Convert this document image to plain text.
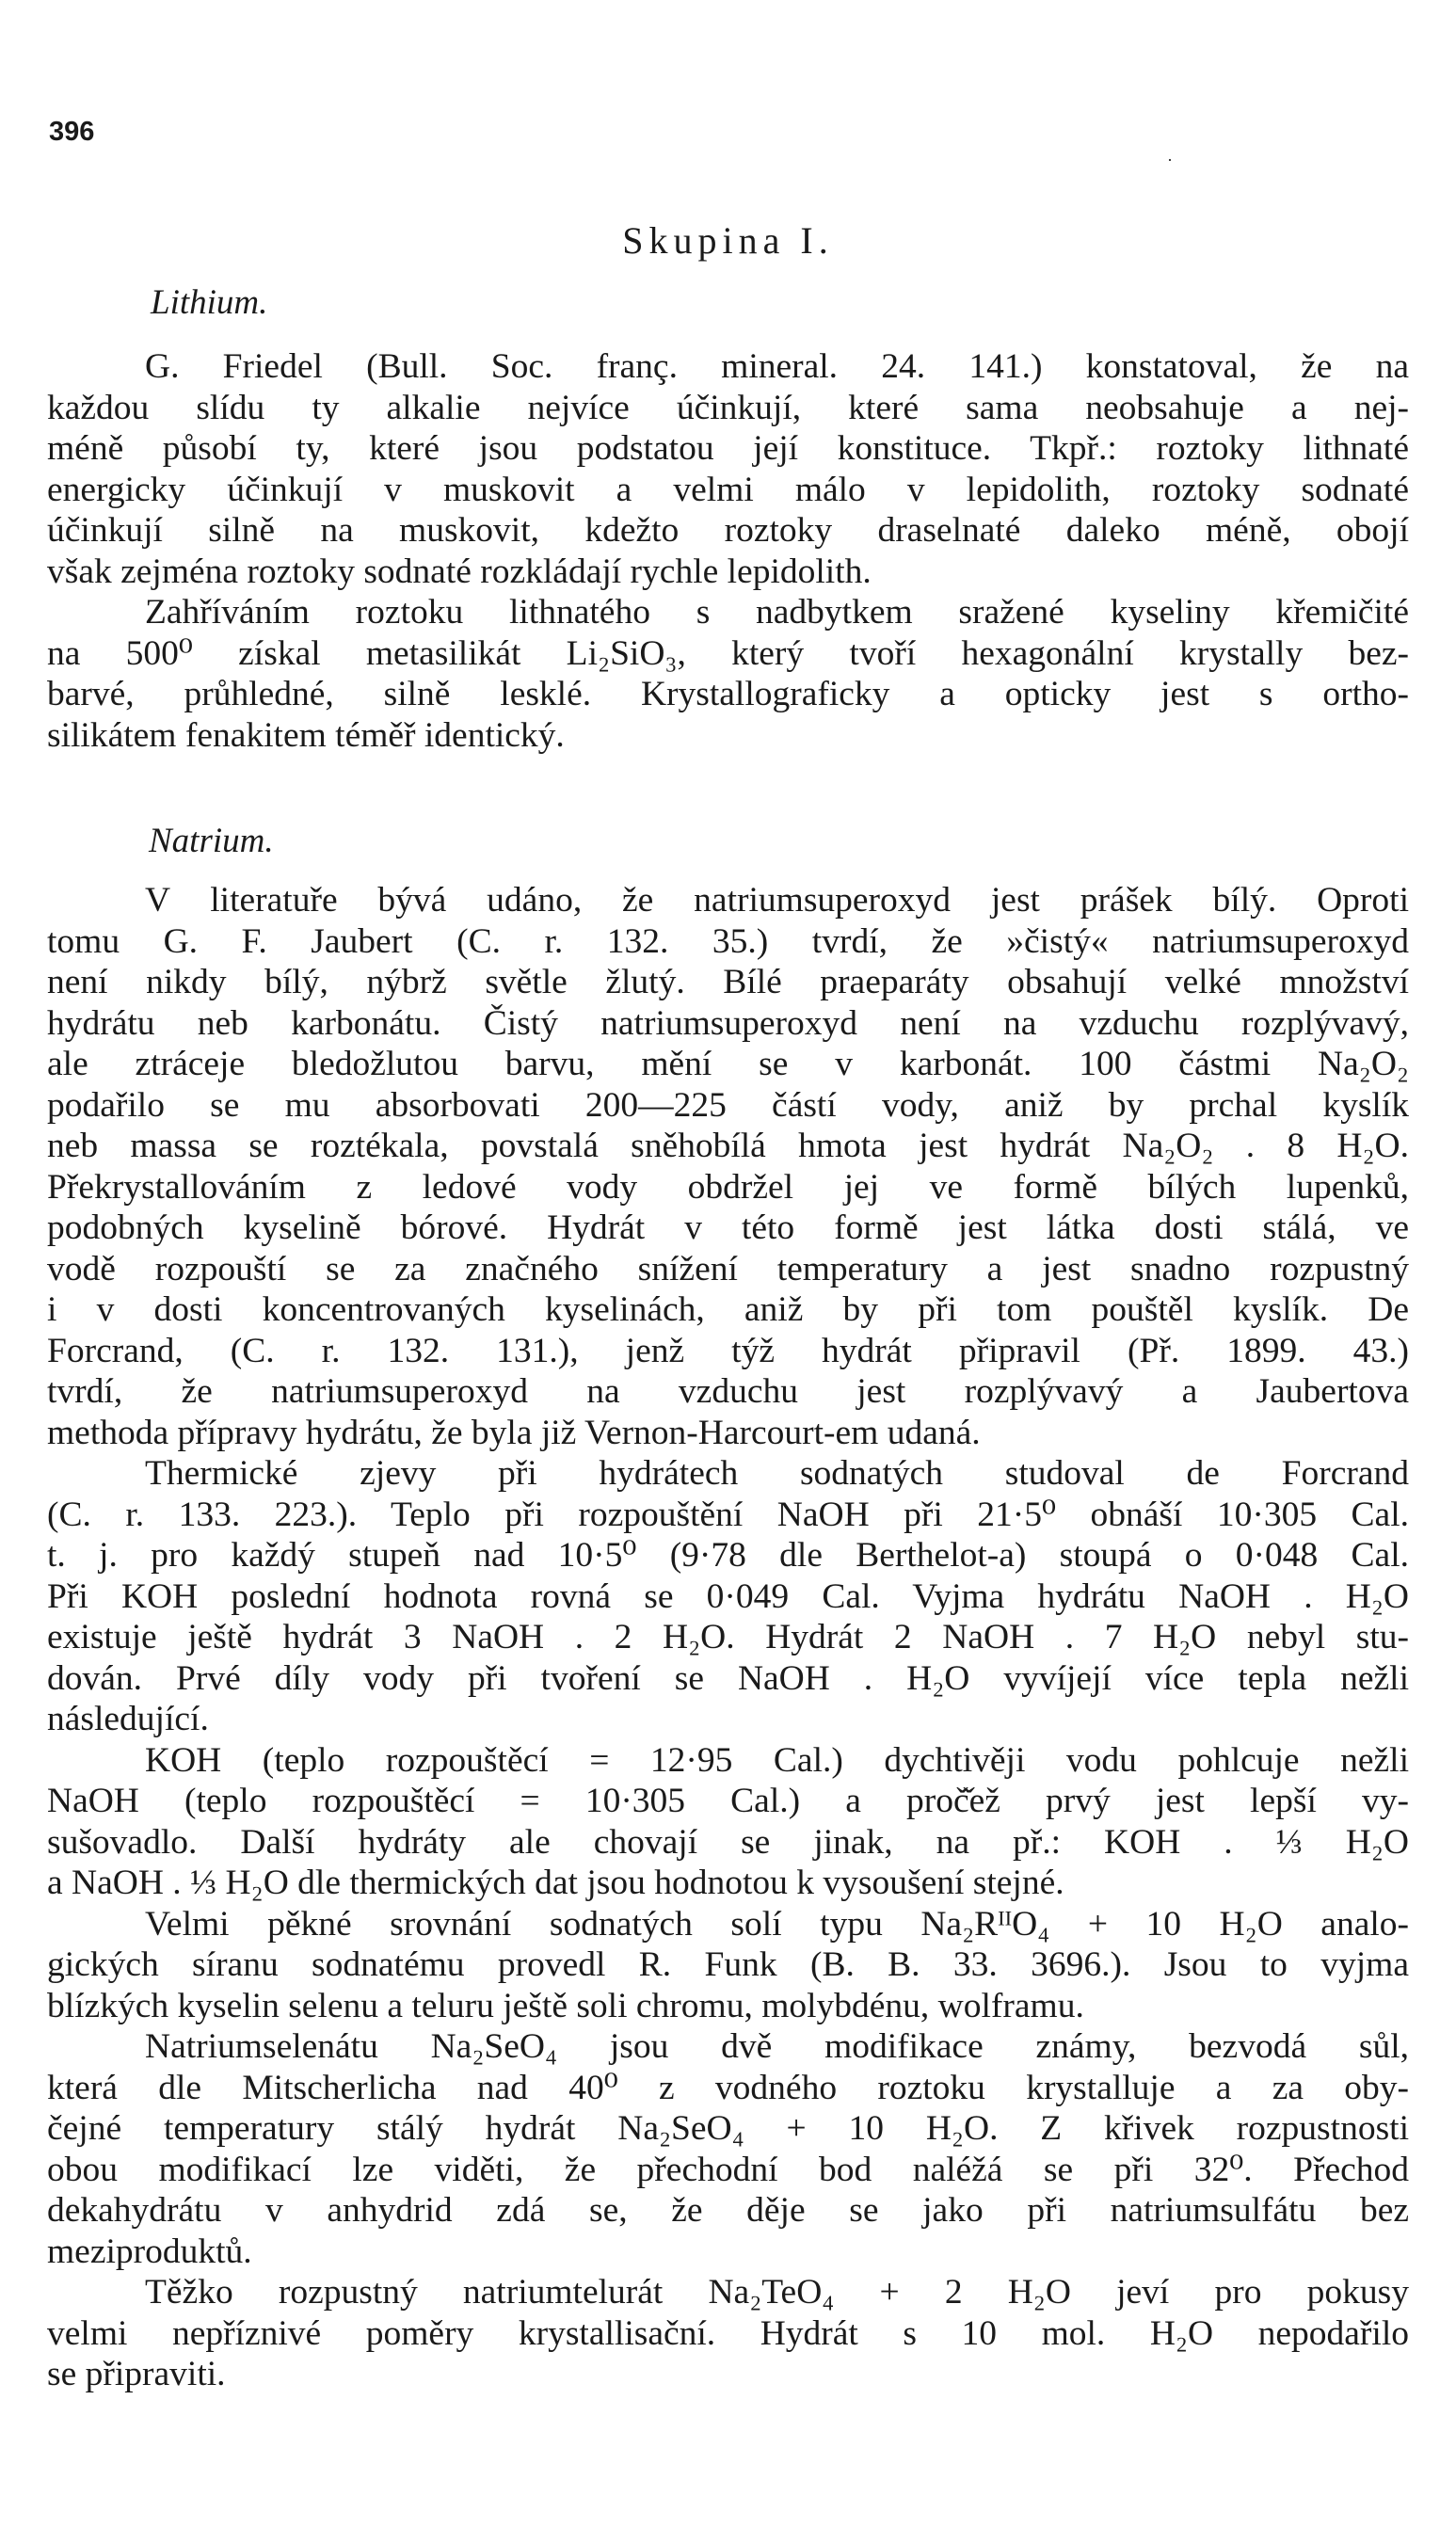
396
·
Skupina I.
Lithium.
G. Friedel (Bull. Soc. franç. mineral. 24. 141.) konstatoval, že na
každou slídu ty alkalie nejvíce účinkují, které sama neobsahuje a nej-
méně působí ty, které jsou podstatou její konstituce. Tkpř.: roztoky lithnaté
energicky účinkují v muskovit a velmi málo v lepidolith, roztoky sodnaté
účinkují silně na muskovit, kdežto roztoky draselnaté daleko méně, obojí
však zejména roztoky sodnaté rozkládají rychle lepidolith.
Zahříváním roztoku lithnatého s nadbytkem sražené kyseliny křemičité
na 500⁰ získal metasilikát Li₂SiO₃, který tvoří hexagonální krystally bez-
barvé, průhledné, silně lesklé. Krystallograficky a opticky jest s ortho-
silikátem fenakitem téměř identický.
Natrium.
V literatuře bývá udáno, že natriumsuperoxyd jest prášek bílý. Oproti
tomu G. F. Jaubert (C. r. 132. 35.) tvrdí, že »čistý« natriumsuperoxyd
není nikdy bílý, nýbrž světle žlutý. Bílé praeparáty obsahují velké množství
hydrátu neb karbonátu. Čistý natriumsuperoxyd není na vzduchu rozplývavý,
ale ztráceje bledožlutou barvu, mění se v karbonát. 100 částmi Na₂O₂
podařilo se mu absorbovati 200—225 částí vody, aniž by prchal kyslík
neb massa se roztékala, povstalá sněhobílá hmota jest hydrát Na₂O₂ . 8 H₂O.
Překrystallováním z ledové vody obdržel jej ve formě bílých lupenků,
podobných kyselině bórové. Hydrát v této formě jest látka dosti stálá, ve
vodě rozpouští se za značného snížení temperatury a jest snadno rozpustný
i v dosti koncentrovaných kyselinách, aniž by při tom pouštěl kyslík. De
Forcrand, (C. r. 132. 131.), jenž týž hydrát připravil (Př. 1899. 43.)
tvrdí, že natriumsuperoxyd na vzduchu jest rozplývavý a Jaubertova
methoda přípravy hydrátu, že byla již Vernon-Harcourt-em udaná.
Thermické zjevy při hydrátech sodnatých studoval de Forcrand
(C. r. 133. 223.). Teplo při rozpouštění NaOH při 21·5⁰ obnáší 10·305 Cal.
t. j. pro každý stupeň nad 10·5⁰ (9·78 dle Berthelot-a) stoupá o 0·048 Cal.
Při KOH poslední hodnota rovná se 0·049 Cal. Vyjma hydrátu NaOH . H₂O
existuje ještě hydrát 3 NaOH . 2 H₂O. Hydrát 2 NaOH . 7 H₂O nebyl stu-
dován. Prvé díly vody při tvoření se NaOH . H₂O vyvíjejí více tepla nežli
následující.
KOH (teplo rozpouštěcí = 12·95 Cal.) dychtivěji vodu pohlcuje nežli
NaOH (teplo rozpouštěcí = 10·305 Cal.) a proč̌ež prvý jest lepší vy-
sušovadlo. Další hydráty ale chovají se jinak, na př.: KOH . ⅓ H₂O
a NaOH . ⅓ H₂O dle thermických dat jsou hodnotou k vysoušení stejné.
Velmi pěkné srovnání sodnatých solí typu Na₂RᴵᴵO₄ + 10 H₂O analo-
gických síranu sodnatému provedl R. Funk (B. B. 33. 3696.). Jsou to vyjma
blízkých kyselin selenu a teluru ještě soli chromu, molybdénu, wolframu.
Natriumselenátu Na₂SeO₄ jsou dvě modifikace známy, bezvodá sůl,
která dle Mitscherlicha nad 40⁰ z vodného roztoku krystalluje a za oby-
čejné temperatury stálý hydrát Na₂SeO₄ + 10 H₂O. Z křivek rozpustnosti
obou modifikací lze viděti, že přechodní bod naléžá se při 32⁰. Přechod
dekahydrátu v anhydrid zdá se, že děje se jako při natriumsulfátu bez
meziproduktů.
Těžko rozpustný natriumtelurát Na₂TeO₄ + 2 H₂O jeví pro pokusy
velmi nepříznivé poměry krystallisační. Hydrát s 10 mol. H₂O nepodařilo
se připraviti.
